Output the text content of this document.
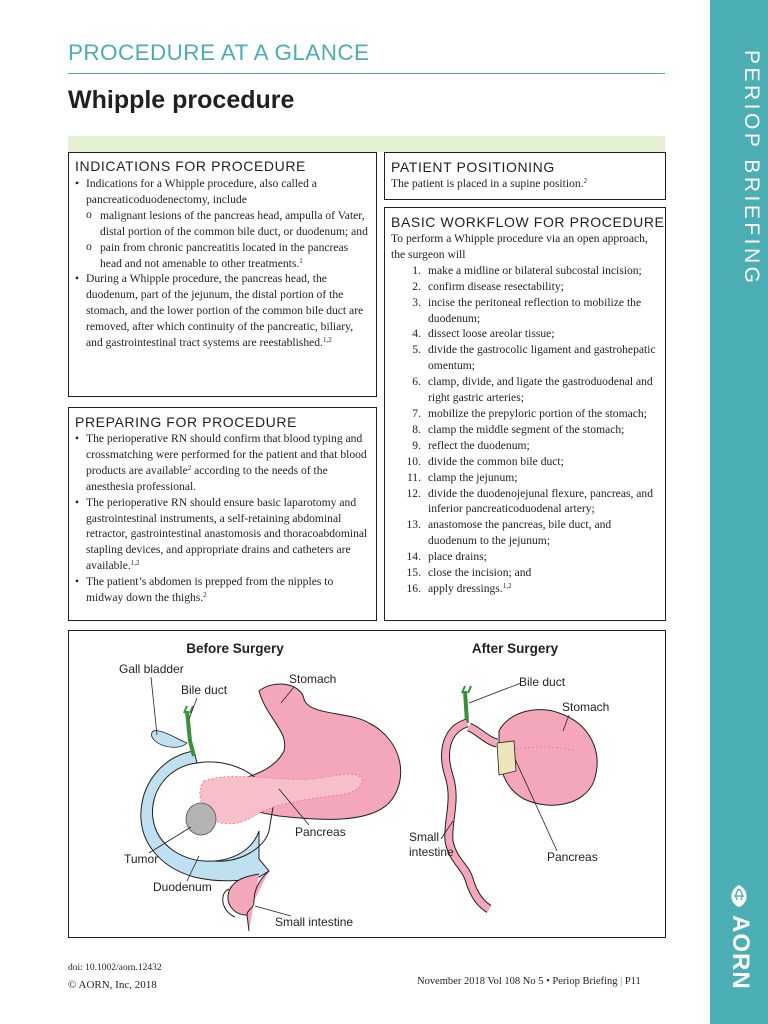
PERIOP BRIEFING
AORN
PROCEDURE AT A GLANCE
Whipple procedure
INDICATIONS FOR PROCEDURE
• Indications for a Whipple procedure, also called a pancreaticoduodenectomy, include
o malignant lesions of the pancreas head, ampulla of Vater, distal portion of the common bile duct, or duodenum; and
o pain from chronic pancreatitis located in the pancreas head and not amenable to other treatments.$^1$
• During a Whipple procedure, the pancreas head, the duodenum, part of the jejunum, the distal portion of the stomach, and the lower portion of the common bile duct are removed, after which continuity of the pancreatic, biliary, and gastrointestinal tract systems are reestablished.$^{1,2}$
PREPARING FOR PROCEDURE
• The perioperative RN should confirm that blood typing and crossmatching were performed for the patient and that blood products are available$^2$ according to the needs of the anesthesia professional.
• The perioperative RN should ensure basic laparotomy and gastrointestinal instruments, a self-retaining abdominal retractor, gastrointestinal anastomosis and thoracoabdominal stapling devices, and appropriate drains and catheters are available.$^{1,2}$
• The patient’s abdomen is prepped from the nipples to midway down the thighs.$^2$
PATIENT POSITIONING
The patient is placed in a supine position.$^2$
BASIC WORKFLOW FOR PROCEDURE
To perform a Whipple procedure via an open approach, the surgeon will
1. make a midline or bilateral subcostal incision;
2. confirm disease resectability;
3. incise the peritoneal reflection to mobilize the duodenum;
4. dissect loose areolar tissue;
5. divide the gastrocolic ligament and gastrohepatic omentum;
6. clamp, divide, and ligate the gastroduodenal and right gastric arteries;
7. mobilize the prepyloric portion of the stomach;
8. clamp the middle segment of the stomach;
9. reflect the duodenum;
10. divide the common bile duct;
11. clamp the jejunum;
12. divide the duodenojejunal flexure, pancreas, and inferior pancreaticoduodenal artery;
13. anastomose the pancreas, bile duct, and duodenum to the jejunum;
14. place drains;
15. close the incision; and
16. apply dressings.$^{1,2}$
Before Surgery
Gall bladder
Bile duct
Stomach
Pancreas
Tumor
Duodenum
Small intestine
After Surgery
Bile duct
Stomach
Small
intestine	Pancreas
doi: 10.1002/aorn.12432
© AORN, Inc, 2018	November 2018 Vol 108 No 5 • Periop Briefing | P11
